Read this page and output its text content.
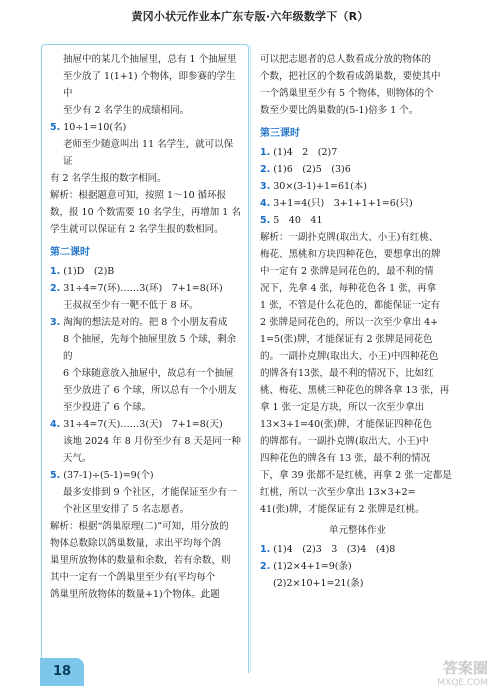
黄冈小状元作业本广东专版·六年级数学下（R）

抽屉中的某几个抽屉里，总有 1 个抽屉里

至少放了 1(1+1) 个物体，即参赛的学生中

至少有 2 名学生的成绩相同。

5. 10÷1=10(名)

老师至少随意叫出 11 名学生，就可以保证

有 2 名学生报的数字相同。

解析：根据题意可知，按照 1～10 循环报

数，报 10 个数需要 10 名学生，再增加 1 名

学生就可以保证有 2 名学生报的数相同。

第二课时

1. (1)D　(2)B

2. 31÷4=7(环)……3(环)　7+1=8(环)

王叔叔至少有一靶不低于 8 环。

3. 淘淘的想法是对的。把 8 个小朋友看成

8 个抽屉，先每个抽屉里放 5 个球，剩余的

6 个球随意放入抽屉中，故总有一个抽屉

至少放进了 6 个球，所以总有一个小朋友

至少投进了 6 个球。

4. 31÷4=7(天)……3(天)　7+1=8(天)

该地 2024 年 8 月份至少有 8 天是同一种

天气。

5. (37-1)÷(5-1)=9(个)

最多安排到 9 个社区，才能保证至少有一

个社区里安排了 5 名志愿者。

解析：根据“鸽巢原理(二)”可知，用分放的

物体总数除以鸽巢数量，求出平均每个鸽

巢里所放物体的数量和余数，若有余数，则

其中一定有一个鸽巢里至少有(平均每个

鸽巢里所放物体的数量+1)个物体。此题

可以把志愿者的总人数看成分放的物体的

个数，把社区的个数看成鸽巢数，要使其中

一个鸽巢里至少有 5 个物体，则物体的个

数至少要比鸽巢数的(5-1)倍多 1 个。

第三课时

1. (1)4　2　(2)7

2. (1)6　(2)5　(3)6

3. 30×(3-1)+1=61(本)

4. 3+1=4(只)　3+1+1+1=6(只)

5. 5　40　41

解析：一副扑克牌(取出大、小王)有红桃、

梅花、黑桃和方块四种花色，要想拿出的牌

中一定有 2 张牌是同花色的，最不利的情

况下，先拿 4 张，每种花色各 1 张，再拿

1 张，不管是什么花色的，都能保证一定有

2 张牌是同花色的，所以一次至少拿出 4+

1=5(张)牌，才能保证有 2 张牌是同花色

的。一副扑克牌(取出大、小王)中四种花色

的牌各有13张，最不利的情况下，比如红

桃、梅花、黑桃三种花色的牌各拿 13 张，再

拿 1 张一定是方块，所以一次至少拿出

13×3+1=40(张)牌，才能保证四种花色

的牌都有。一副扑克牌(取出大、小王)中

四种花色的牌各有 13 张，最不利的情况

下，拿 39 张都不是红桃，再拿 2 张一定都是

红桃，所以一次至少拿出 13×3+2=

41(张)牌，才能保证有 2 张牌是红桃。

单元整体作业

1. (1)4　(2)3　3　(3)4　(4)8

2. (1)2×4+1=9(条)

(2)2×10+1=21(条)

18	答案圈
MXQE.COM
